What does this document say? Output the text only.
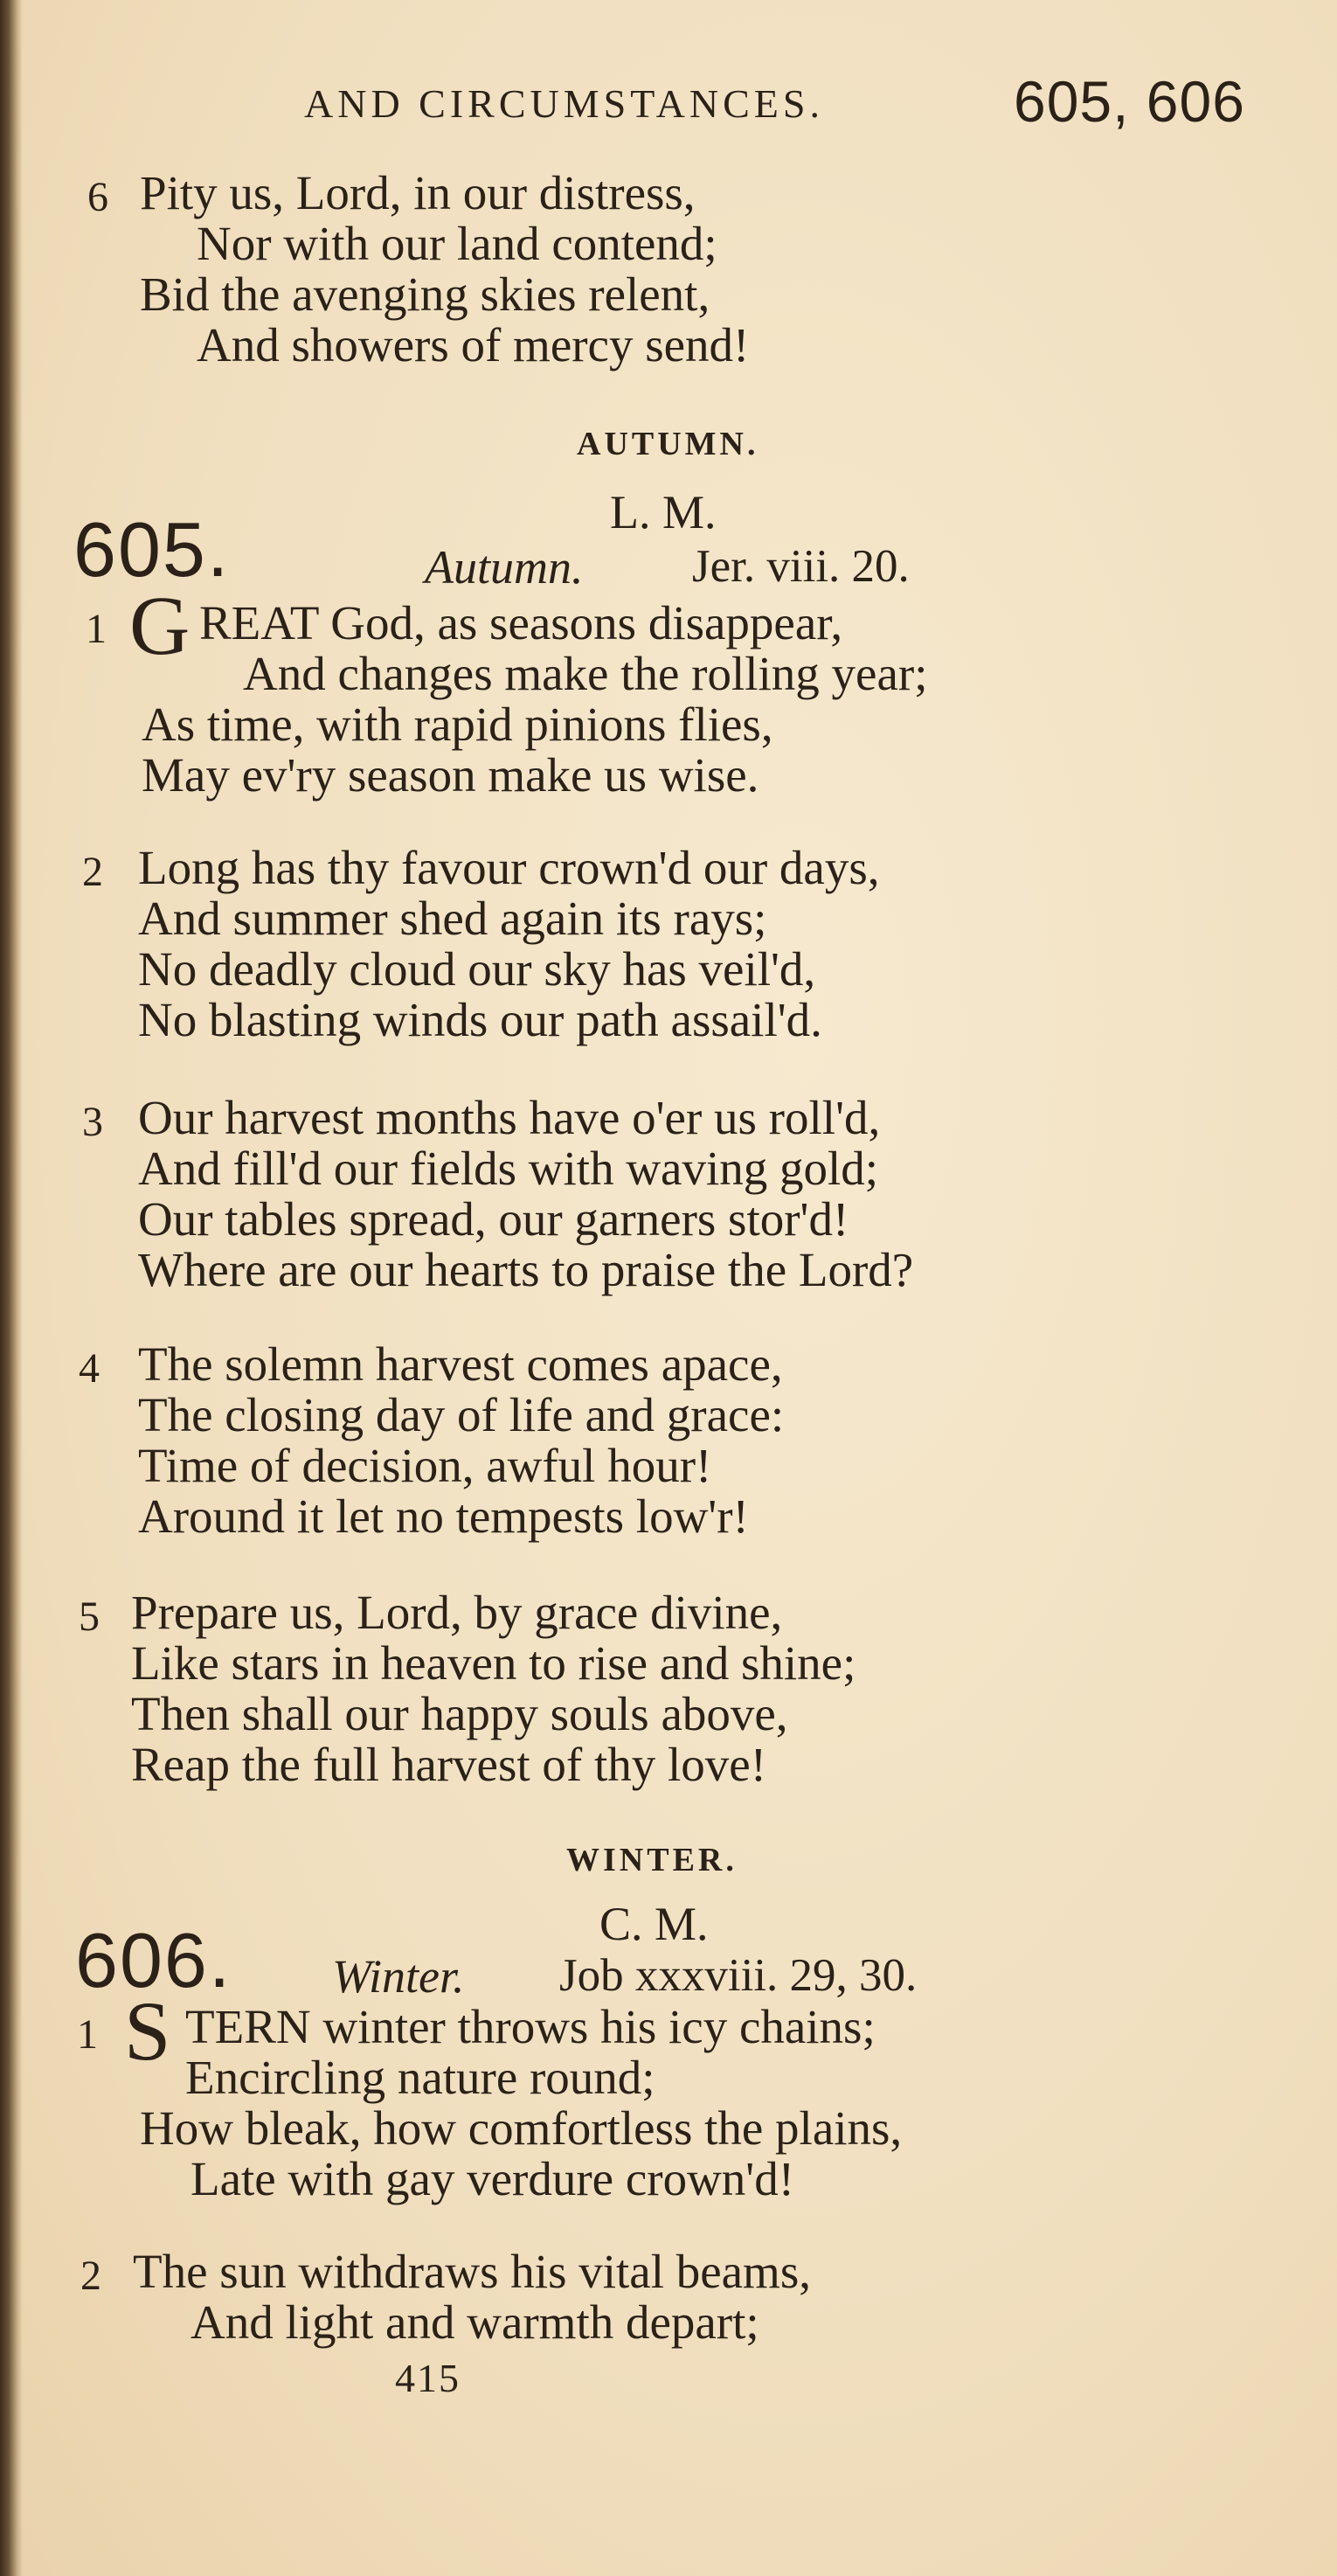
AND CIRCUMSTANCES.	605, 606
6 Pity us, Lord, in our distress,
Nor with our land contend;
Bid the avenging skies relent,
And showers of mercy send!
AUTUMN.
L. M.
605.	Autumn. Jer. viii. 20.
1 G REAT God, as seasons disappear,
And changes make the rolling year;
As time, with rapid pinions flies,
May ev'ry season make us wise.
2 Long has thy favour crown'd our days,
And summer shed again its rays;
No deadly cloud our sky has veil'd,
No blasting winds our path assail'd.
3 Our harvest months have o'er us roll'd,
And fill'd our fields with waving gold;
Our tables spread, our garners stor'd!
Where are our hearts to praise the Lord?
4 The solemn harvest comes apace,
The closing day of life and grace:
Time of decision, awful hour!
Around it let no tempests low'r!
5 Prepare us, Lord, by grace divine,
Like stars in heaven to rise and shine;
Then shall our happy souls above,
Reap the full harvest of thy love!
WINTER.
C. M.
606. Winter. Job xxxviii. 29, 30.
1 S TERN winter throws his icy chains;
Encircling nature round;
How bleak, how comfortless the plains,
Late with gay verdure crown'd!
2 The sun withdraws his vital beams,
And light and warmth depart;
415
